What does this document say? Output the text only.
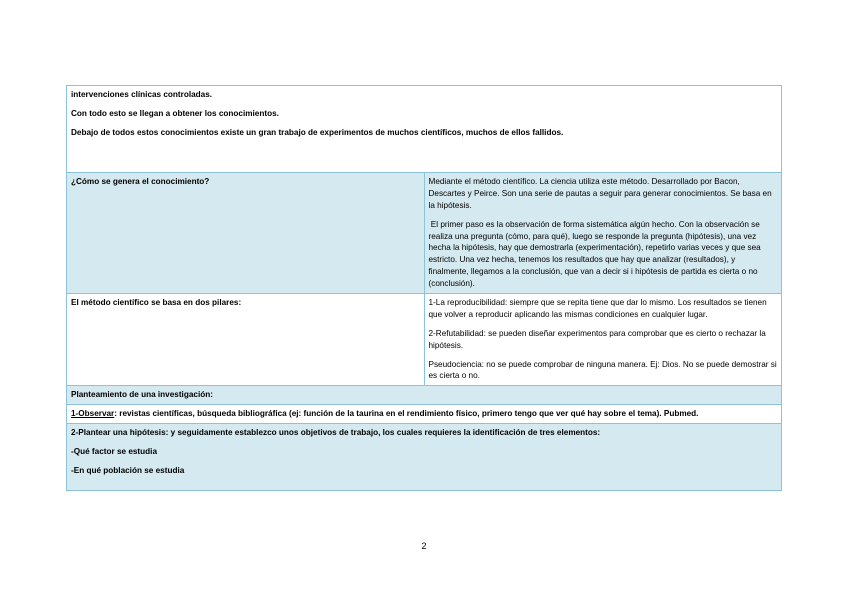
intervenciones clínicas controladas.

Con todo esto se llegan a obtener los conocimientos.

Debajo de todos estos conocimientos existe un gran trabajo de experimentos de muchos científicos, muchos de ellos fallidos.	

¿Cómo se genera el conocimiento?	Mediante el método científico. La ciencia utiliza este método. Desarrollado por Bacon, Descartes y Peirce. Son una serie de pautas a seguir para generar conocimientos. Se basa en la hipótesis.

El primer paso es la observación de forma sistemática algún hecho. Con la observación se realiza una pregunta (cómo, para qué), luego se responde la pregunta (hipótesis), una vez hecha la hipótesis, hay que demostrarla (experimentación), repetirlo varias veces y que sea estricto. Una vez hecha, tenemos los resultados que hay que analizar (resultados), y finalmente, llegamos a la conclusión, que van a decir si i hipótesis de partida es cierta o no (conclusión).

El método científico se basa en dos pilares:	1-La reproducibilidad: siempre que se repita tiene que dar lo mismo. Los resultados se tienen que volver a reproducir aplicando las mismas condiciones en cualquier lugar.

2-Refutabilidad: se pueden diseñar experimentos para comprobar que es cierto o rechazar la hipótesis.

Pseudociencia: no se puede comprobar de ninguna manera. Ej: Dios. No se puede demostrar si es cierta o no.

Planteamiento de una investigación:	
1-Observar: revistas científicas, búsqueda bibliográfica (ej: función de la taurina en el rendimiento físico, primero tengo que ver qué hay sobre el tema). Pubmed.	

2-Plantear una hipótesis: y seguidamente establezco unos objetivos de trabajo, los cuales requieres la identificación de tres elementos:

-Qué factor se estudia

-En qué población se estudia	

2
